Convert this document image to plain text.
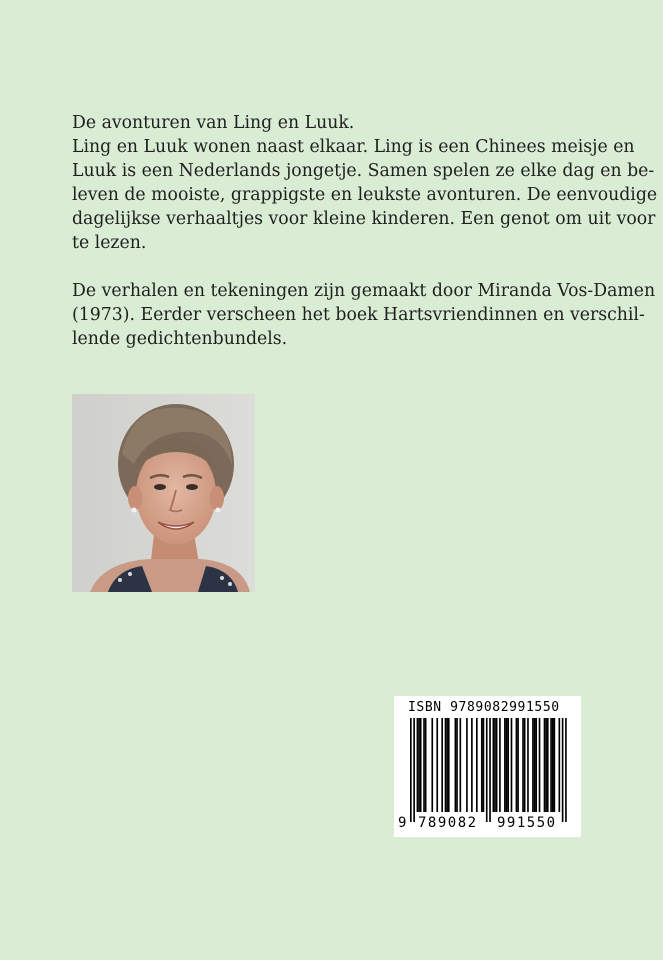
De avonturen van Ling en Luuk.
Ling en Luuk wonen naast elkaar. Ling is een Chinees meisje en
Luuk is een Nederlands jongetje. Samen spelen ze elke dag en be-
leven de mooiste, grappigste en leukste avonturen. De eenvoudige
dagelijkse verhaaltjes voor kleine kinderen. Een genot om uit voor
te lezen.
De verhalen en tekeningen zijn gemaakt door Miranda Vos-Damen
(1973). Eerder verscheen het boek Hartsvriendinnen en verschil-
lende gedichtenbundels.
ISBN 9789082991550
9 789082 991550
